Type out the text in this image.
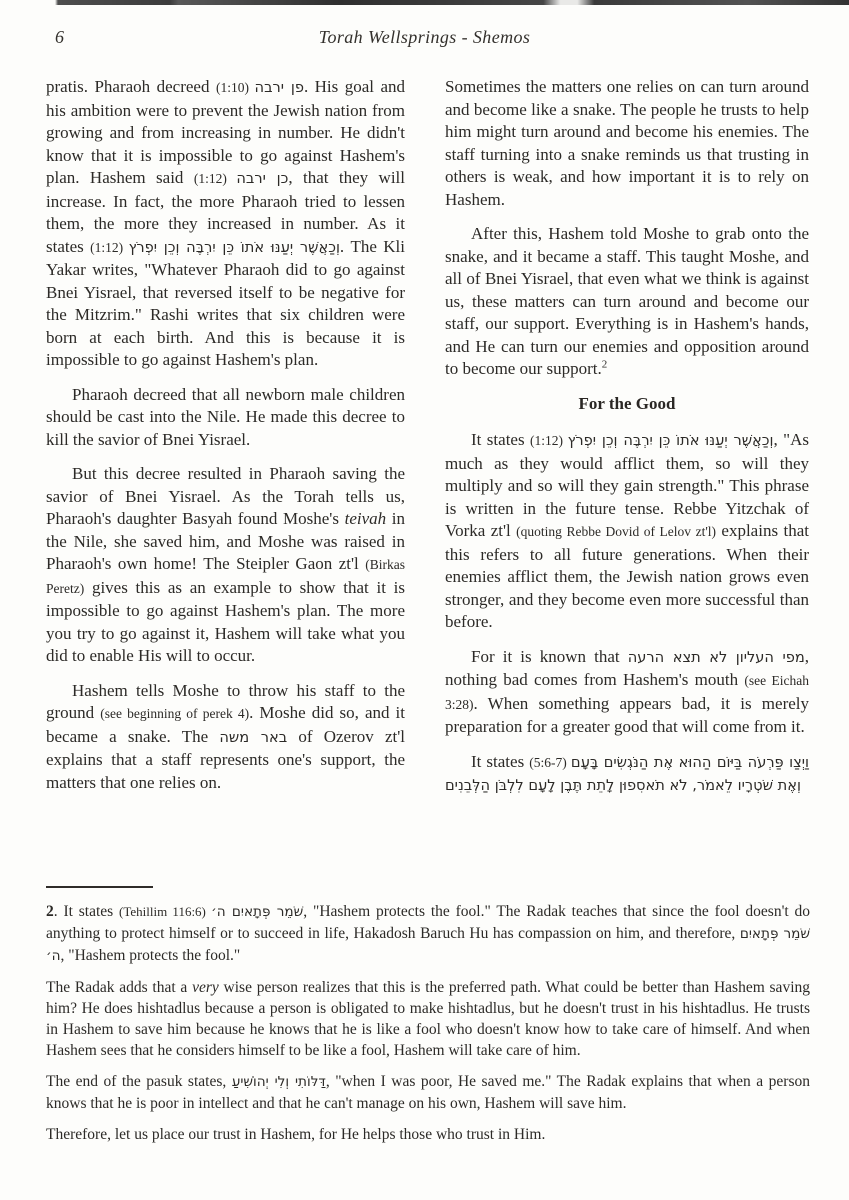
6	Torah Wellsprings - Shemos

pratis. Pharaoh decreed (1:10) פן ירבה. His goal and his ambition were to prevent the Jewish nation from growing and from increasing in number. He didn't know that it is impossible to go against Hashem's plan. Hashem said (1:12) כן ירבה, that they will increase. In fact, the more Pharaoh tried to lessen them, the more they increased in number. As it states (1:12) וְכַאֲשֶׁר יְעַנּוּ אֹתוֹ כֵּן יִרְבֶּה וְכֵן יִפְרֹץ. The Kli Yakar writes, "Whatever Pharaoh did to go against Bnei Yisrael, that reversed itself to be negative for the Mitzrim." Rashi writes that six children were born at each birth. And this is because it is impossible to go against Hashem's plan.

Pharaoh decreed that all newborn male children should be cast into the Nile. He made this decree to kill the savior of Bnei Yisrael.

But this decree resulted in Pharaoh saving the savior of Bnei Yisrael. As the Torah tells us, Pharaoh's daughter Basyah found Moshe's teivah in the Nile, she saved him, and Moshe was raised in Pharaoh's own home! The Steipler Gaon zt'l (Birkas Peretz) gives this as an example to show that it is impossible to go against Hashem's plan. The more you try to go against it, Hashem will take what you did to enable His will to occur.

Hashem tells Moshe to throw his staff to the ground (see beginning of perek 4). Moshe did so, and it became a snake. The באר משה of Ozerov zt'l explains that a staff represents one's support, the matters that one relies on.

Sometimes the matters one relies on can turn around and become like a snake. The people he trusts to help him might turn around and become his enemies. The staff turning into a snake reminds us that trusting in others is weak, and how important it is to rely on Hashem.

After this, Hashem told Moshe to grab onto the snake, and it became a staff. This taught Moshe, and all of Bnei Yisrael, that even what we think is against us, these matters can turn around and become our staff, our support. Everything is in Hashem's hands, and He can turn our enemies and opposition around to become our support.$^2$

For the Good

It states (1:12) וְכַאֲשֶׁר יְעַנּוּ אֹתוֹ כֵּן יִרְבֶּה וְכֵן יִפְרֹץ, "As much as they would afflict them, so will they multiply and so will they gain strength." This phrase is written in the future tense. Rebbe Yitzchak of Vorka zt'l (quoting Rebbe Dovid of Lelov zt'l) explains that this refers to all future generations. When their enemies afflict them, the Jewish nation grows even stronger, and they become even more successful than before.

For it is known that מפי העליון לא תצא הרעה, nothing bad comes from Hashem's mouth (see Eichah 3:28). When something appears bad, it is merely preparation for a greater good that will come from it.

It states (5:6-7) וַיְצַו פַּרְעֹה בַּיּוֹם הַהוּא אֶת הַנֹּגְשִׂים בָּעָם וְאֶת שֹׁטְרָיו לֵאמֹר, לֹא תֹאסִפוּן לָתֵת תֶּבֶן לָעָם לִלְבֹּן הַלְּבֵנִים

2. It states (Tehillim 116:6) שֹׁמֵר פְּתָאיִם ה׳, "Hashem protects the fool." The Radak teaches that since the fool doesn't do anything to protect himself or to succeed in life, Hakadosh Baruch Hu has compassion on him, and therefore, שֹׁמֵר פְּתָאיִם ה׳, "Hashem protects the fool."

The Radak adds that a very wise person realizes that this is the preferred path. What could be better than Hashem saving him? He does hishtadlus because a person is obligated to make hishtadlus, but he doesn't trust in his hishtadlus. He trusts in Hashem to save him because he knows that he is like a fool who doesn't know how to take care of himself. And when Hashem sees that he considers himself to be like a fool, Hashem will take care of him.

The end of the pasuk states, דַּלּוֹתִי וְלִי יְהוֹשִׁיעַ, "when I was poor, He saved me." The Radak explains that when a person knows that he is poor in intellect and that he can't manage on his own, Hashem will save him.

Therefore, let us place our trust in Hashem, for He helps those who trust in Him.
